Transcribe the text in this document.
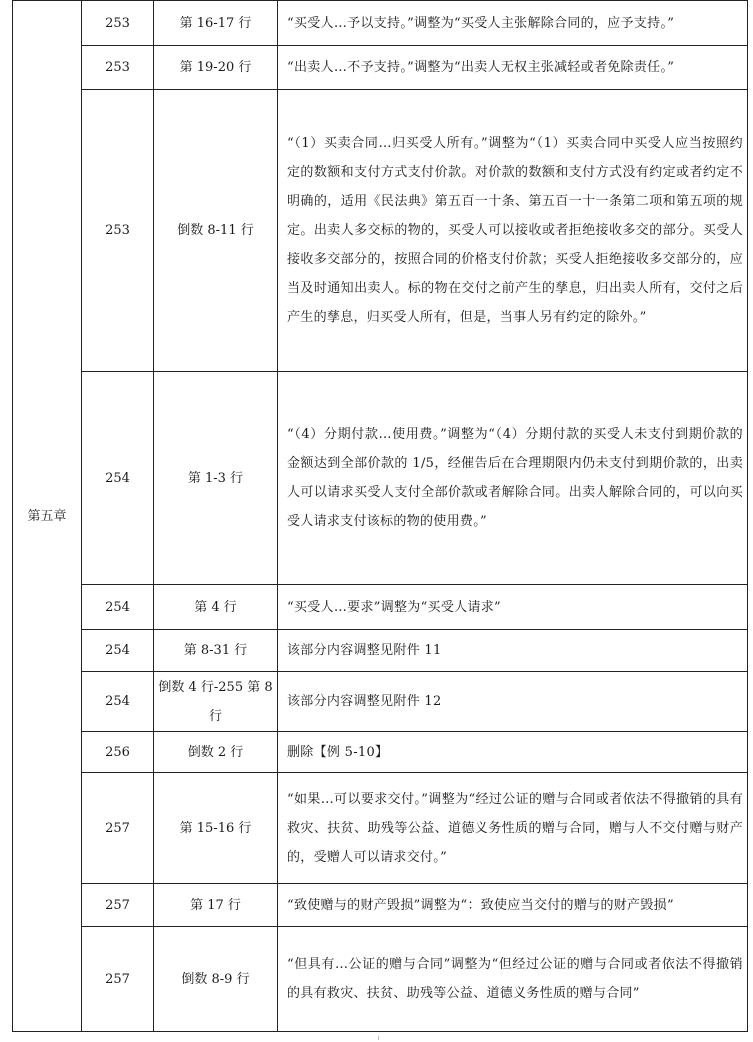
第五章	253	第 16-17 行	“买受人…予以支持。”调整为“买受人主张解除合同的，应予支持。”
	253	第 19-20 行	“出卖人…不予支持。”调整为“出卖人无权主张减轻或者免除责任。”
	253	倒数 8-11 行	“（1）买卖合同…归买受人所有。”调整为“（1）买卖合同中买受人应当按照约定的数额和支付方式支付价款。对价款的数额和支付方式没有约定或者约定不明确的，适用《民法典》第五百一十条、第五百一十一条第二项和第五项的规定。出卖人多交标的物的，买受人可以接收或者拒绝接收多交的部分。买受人接收多交部分的，按照合同的价格支付价款；买受人拒绝接收多交部分的，应当及时通知出卖人。标的物在交付之前产生的孳息，归出卖人所有，交付之后产生的孳息，归买受人所有，但是，当事人另有约定的除外。”
	254	第 1-3 行	“（4）分期付款…使用费。”调整为“（4）分期付款的买受人未支付到期价款的金额达到全部价款的 1/5，经催告后在合理期限内仍未支付到期价款的，出卖人可以请求买受人支付全部价款或者解除合同。出卖人解除合同的，可以向买受人请求支付该标的物的使用费。”
	254	第 4 行	“买受人…要求”调整为“买受人请求”
	254	第 8-31 行	该部分内容调整见附件 11
	254	倒数 4 行-255 第 8 行	该部分内容调整见附件 12
	256	倒数 2 行	删除【例 5-10】
	257	第 15-16 行	“如果…可以要求交付。”调整为“经过公证的赠与合同或者依法不得撤销的具有救灾、扶贫、助残等公益、道德义务性质的赠与合同，赠与人不交付赠与财产的，受赠人可以请求交付。”
	257	第 17 行	“致使赠与的财产毁损”调整为“：致使应当交付的赠与的财产毁损”
	257	倒数 8-9 行	“但具有…公证的赠与合同”调整为“但经过公证的赠与合同或者依法不得撤销的具有救灾、扶贫、助残等公益、道德义务性质的赠与合同”
